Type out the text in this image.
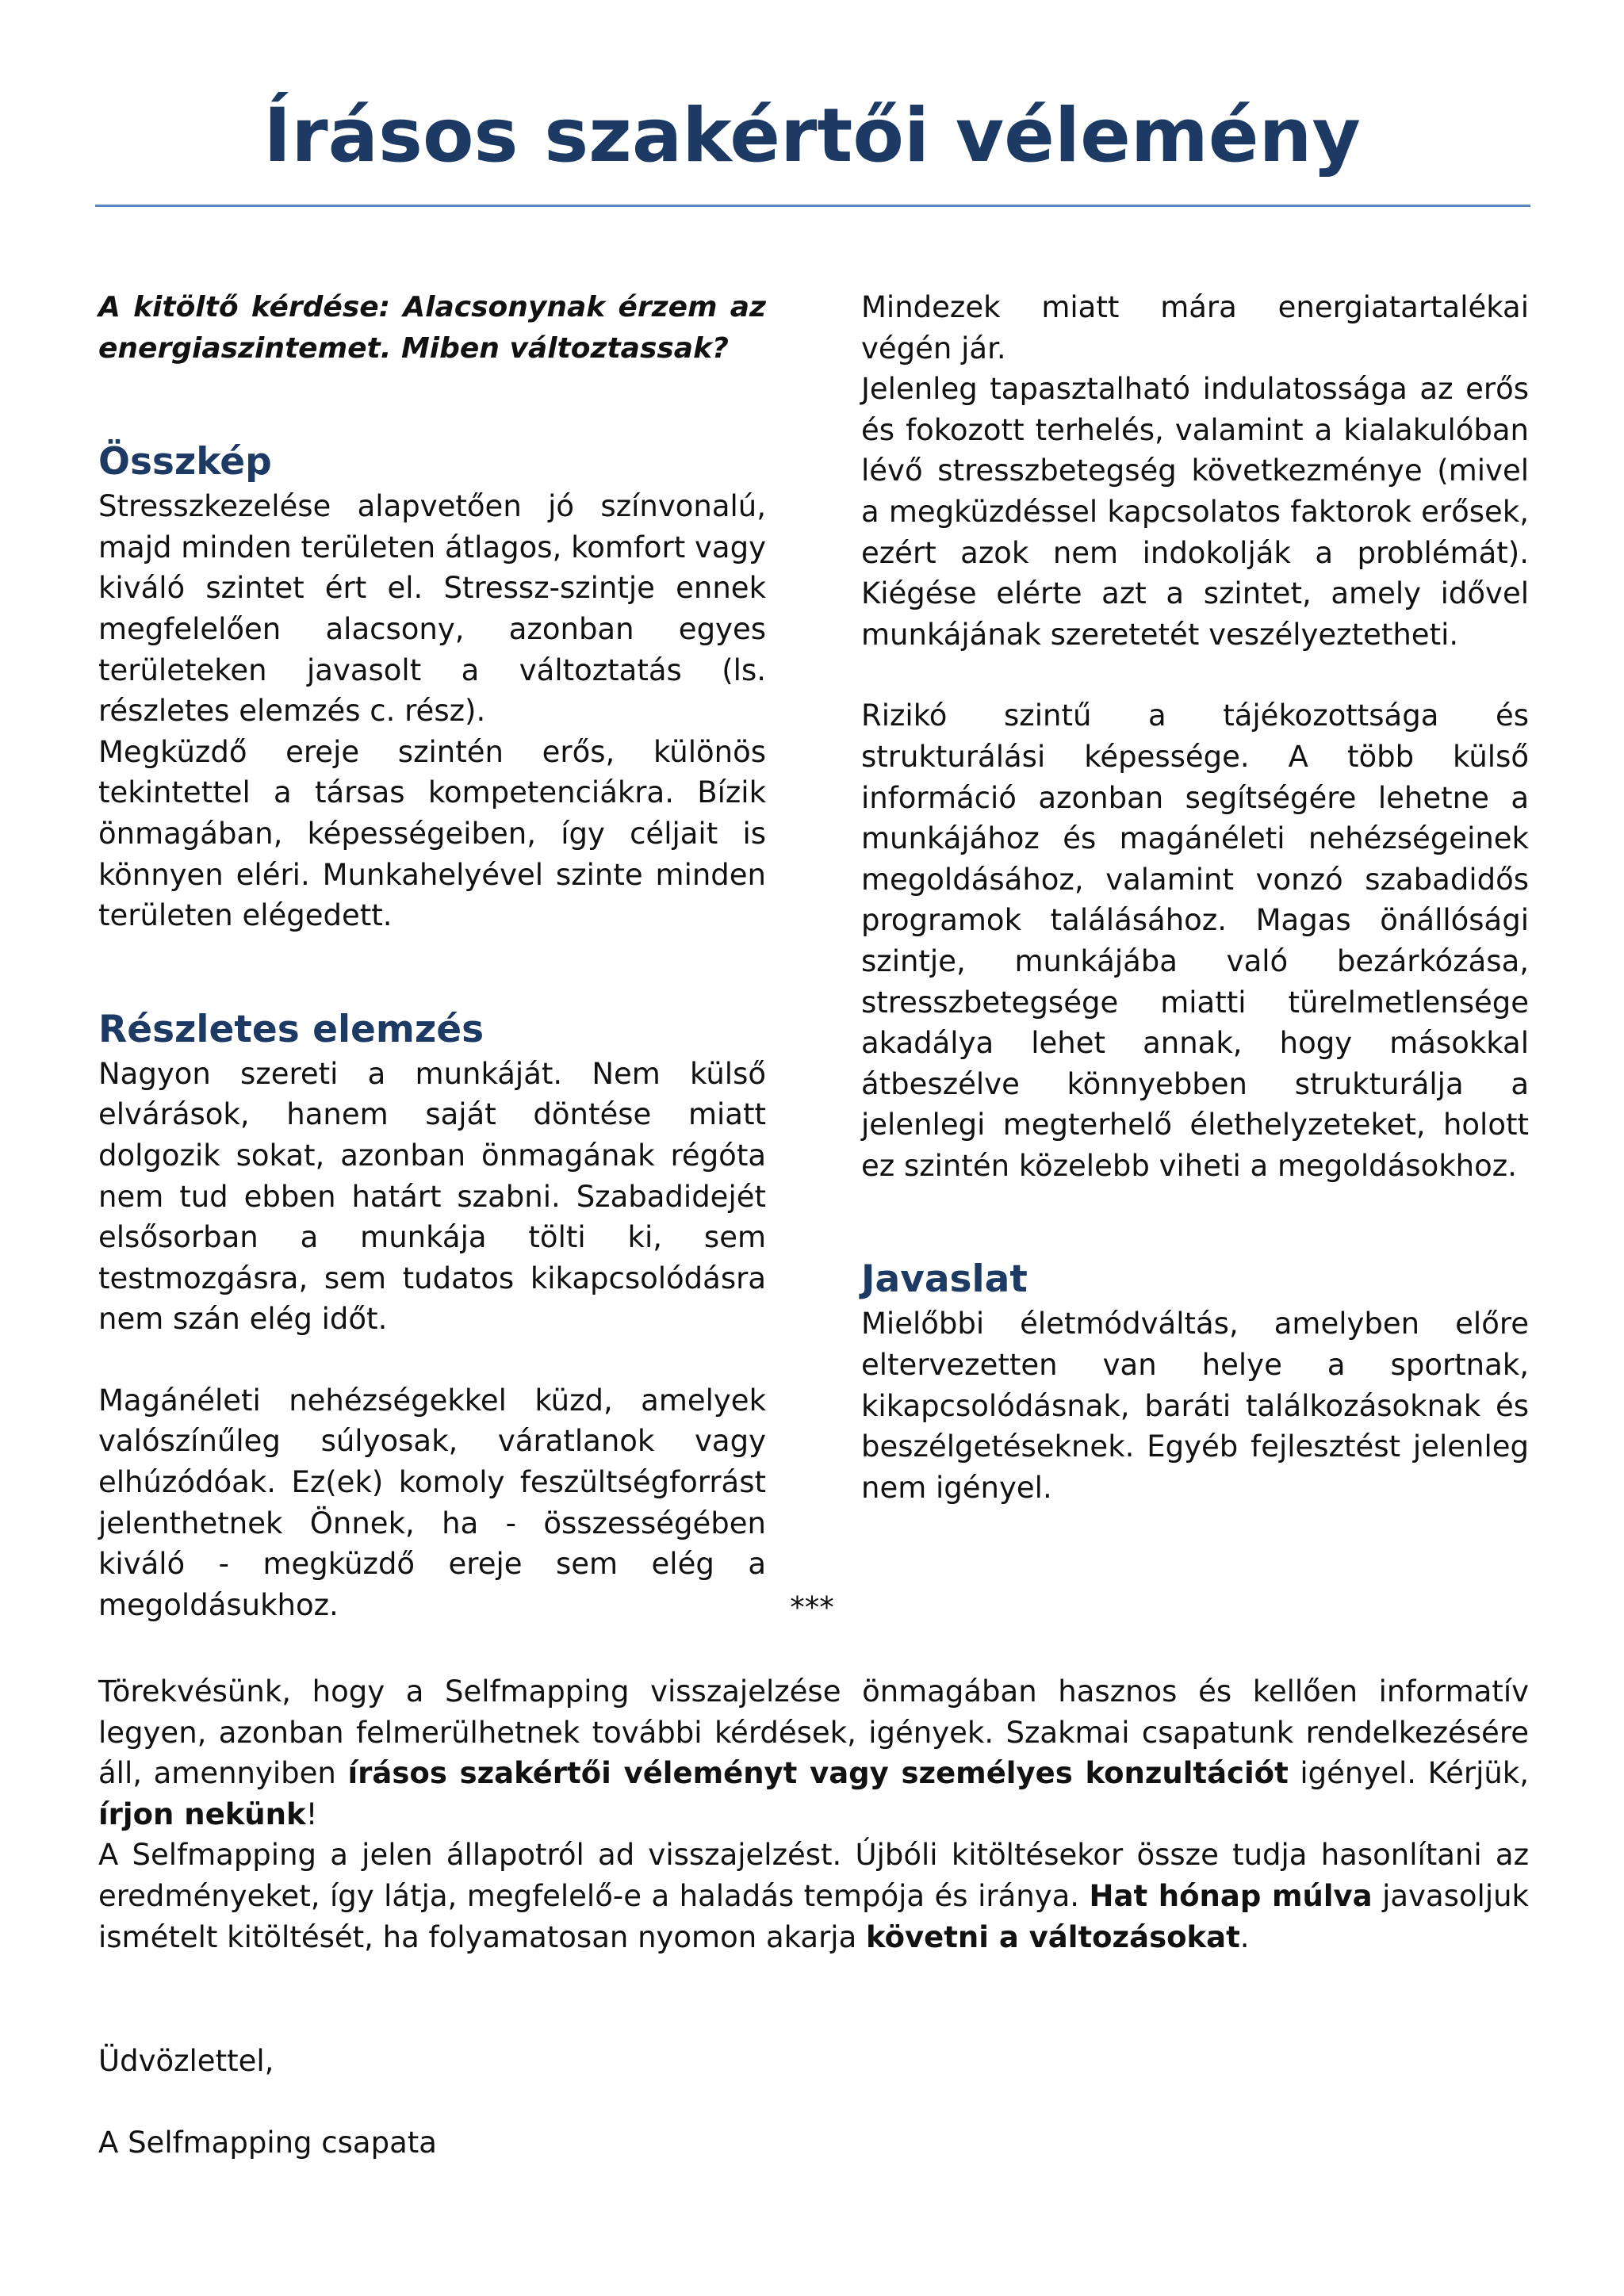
Írásos szakértői vélemény

A kitöltő kérdése: Alacsonynak érzem az energiaszintemet. Miben változtassak?

Összkép

Stresszkezelése alapvetően jó színvonalú, majd minden területen átlagos, komfort vagy kiváló szintet ért el. Stressz-szintje ennek megfelelően alacsony, azonban egyes területeken javasolt a változtatás (ls. részletes elemzés c. rész).

Megküzdő ereje szintén erős, különös tekintettel a társas kompetenciákra. Bízik önmagában, képességeiben, így céljait is könnyen eléri. Munkahelyével szinte minden területen elégedett.

Részletes elemzés

Nagyon szereti a munkáját. Nem külső elvárások, hanem saját döntése miatt dolgozik sokat, azonban önmagának régóta nem tud ebben határt szabni. Szabadidejét elsősorban a munkája tölti ki, sem testmozgásra, sem tudatos kikapcsolódásra nem szán elég időt.

Magánéleti nehézségekkel küzd, amelyek valószínűleg súlyosak, váratlanok vagy elhúzódóak. Ez(ek) komoly feszültségforrást jelenthetnek Önnek, ha - összességében kiváló - megküzdő ereje sem elég a megoldásukhoz.

Mindezek miatt mára energiatartalékai végén jár.

Jelenleg tapasztalható indulatossága az erős és fokozott terhelés, valamint a kialakulóban lévő stresszbetegség következménye (mivel a megküzdéssel kapcsolatos faktorok erősek, ezért azok nem indokolják a problémát). Kiégése elérte azt a szintet, amely idővel munkájának szeretetét veszélyeztetheti.

Rizikó szintű a tájékozottsága és strukturálási képessége. A több külső információ azonban segítségére lehetne a munkájához és magánéleti nehézségeinek megoldásához, valamint vonzó szabadidős programok találásához. Magas önállósági szintje, munkájába való bezárkózása, stresszbetegsége miatti türelmetlensége akadálya lehet annak, hogy másokkal átbeszélve könnyebben strukturálja a jelenlegi megterhelő élethelyzeteket, holott ez szintén közelebb viheti a megoldásokhoz.

Javaslat

Mielőbbi életmódváltás, amelyben előre eltervezetten van helye a sportnak, kikapcsolódásnak, baráti találkozásoknak és beszélgetéseknek. Egyéb fejlesztést jelenleg nem igényel.

***

Törekvésünk, hogy a Selfmapping visszajelzése önmagában hasznos és kellően informatív legyen, azonban felmerülhetnek további kérdések, igények. Szakmai csapatunk rendelkezésére áll, amennyiben írásos szakértői véleményt vagy személyes konzultációt igényel. Kérjük, írjon nekünk!

A Selfmapping a jelen állapotról ad visszajelzést. Újbóli kitöltésekor össze tudja hasonlítani az eredményeket, így látja, megfelelő-e a haladás tempója és iránya. Hat hónap múlva javasoljuk ismételt kitöltését, ha folyamatosan nyomon akarja követni a változásokat.

Üdvözlettel,
A Selfmapping csapata
